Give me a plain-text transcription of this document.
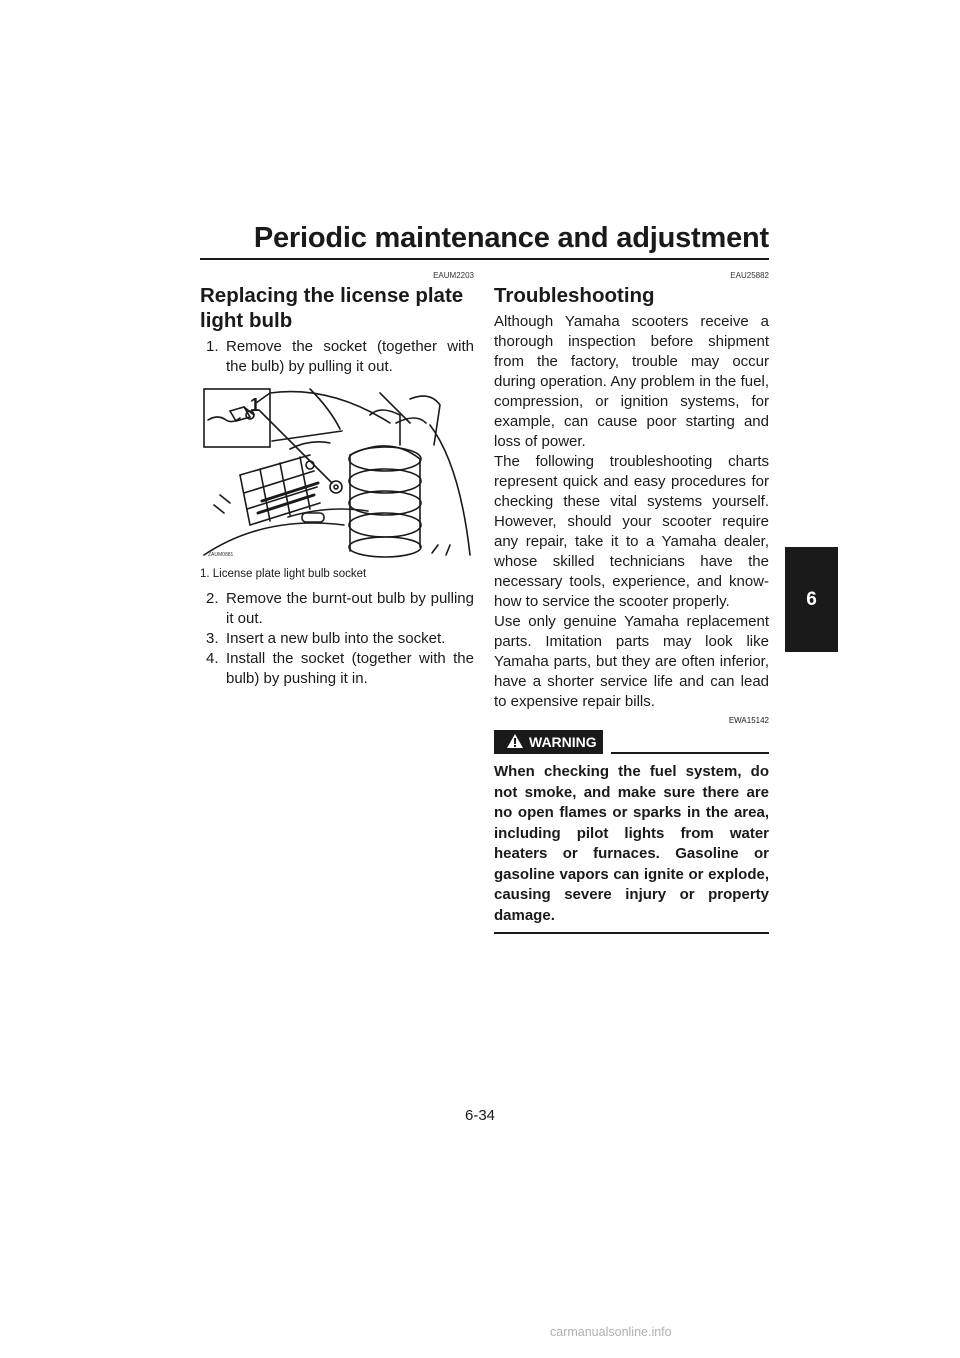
Periodic maintenance and adjustment
6
EAUM2203
Replacing the license plate light bulb
1. Remove the socket (together with the bulb) by pulling it out.
1
ZAUM0881
1. License plate light bulb socket
2. Remove the burnt-out bulb by pulling it out.
3. Insert a new bulb into the socket.
4. Install the socket (together with the bulb) by pushing it in.
EAU25882
Troubleshooting

Although Yamaha scooters receive a thorough inspection before shipment from the factory, trouble may occur during operation. Any problem in the fuel, compression, or ignition systems, for example, can cause poor starting and loss of power.

The following troubleshooting charts represent quick and easy procedures for checking these vital systems yourself. However, should your scooter require any repair, take it to a Yamaha dealer, whose skilled technicians have the necessary tools, experience, and know-how to service the scooter properly.

Use only genuine Yamaha replacement parts. Imitation parts may look like Yamaha parts, but they are often inferior, have a shorter service life and can lead to expensive repair bills.

EWA15142
WARNING

When checking the fuel system, do not smoke, and make sure there are no open flames or sparks in the area, including pilot lights from water heaters or furnaces. Gasoline or gasoline vapors can ignite or explode, causing severe injury or property damage.

6-34
carmanualsonline.info
